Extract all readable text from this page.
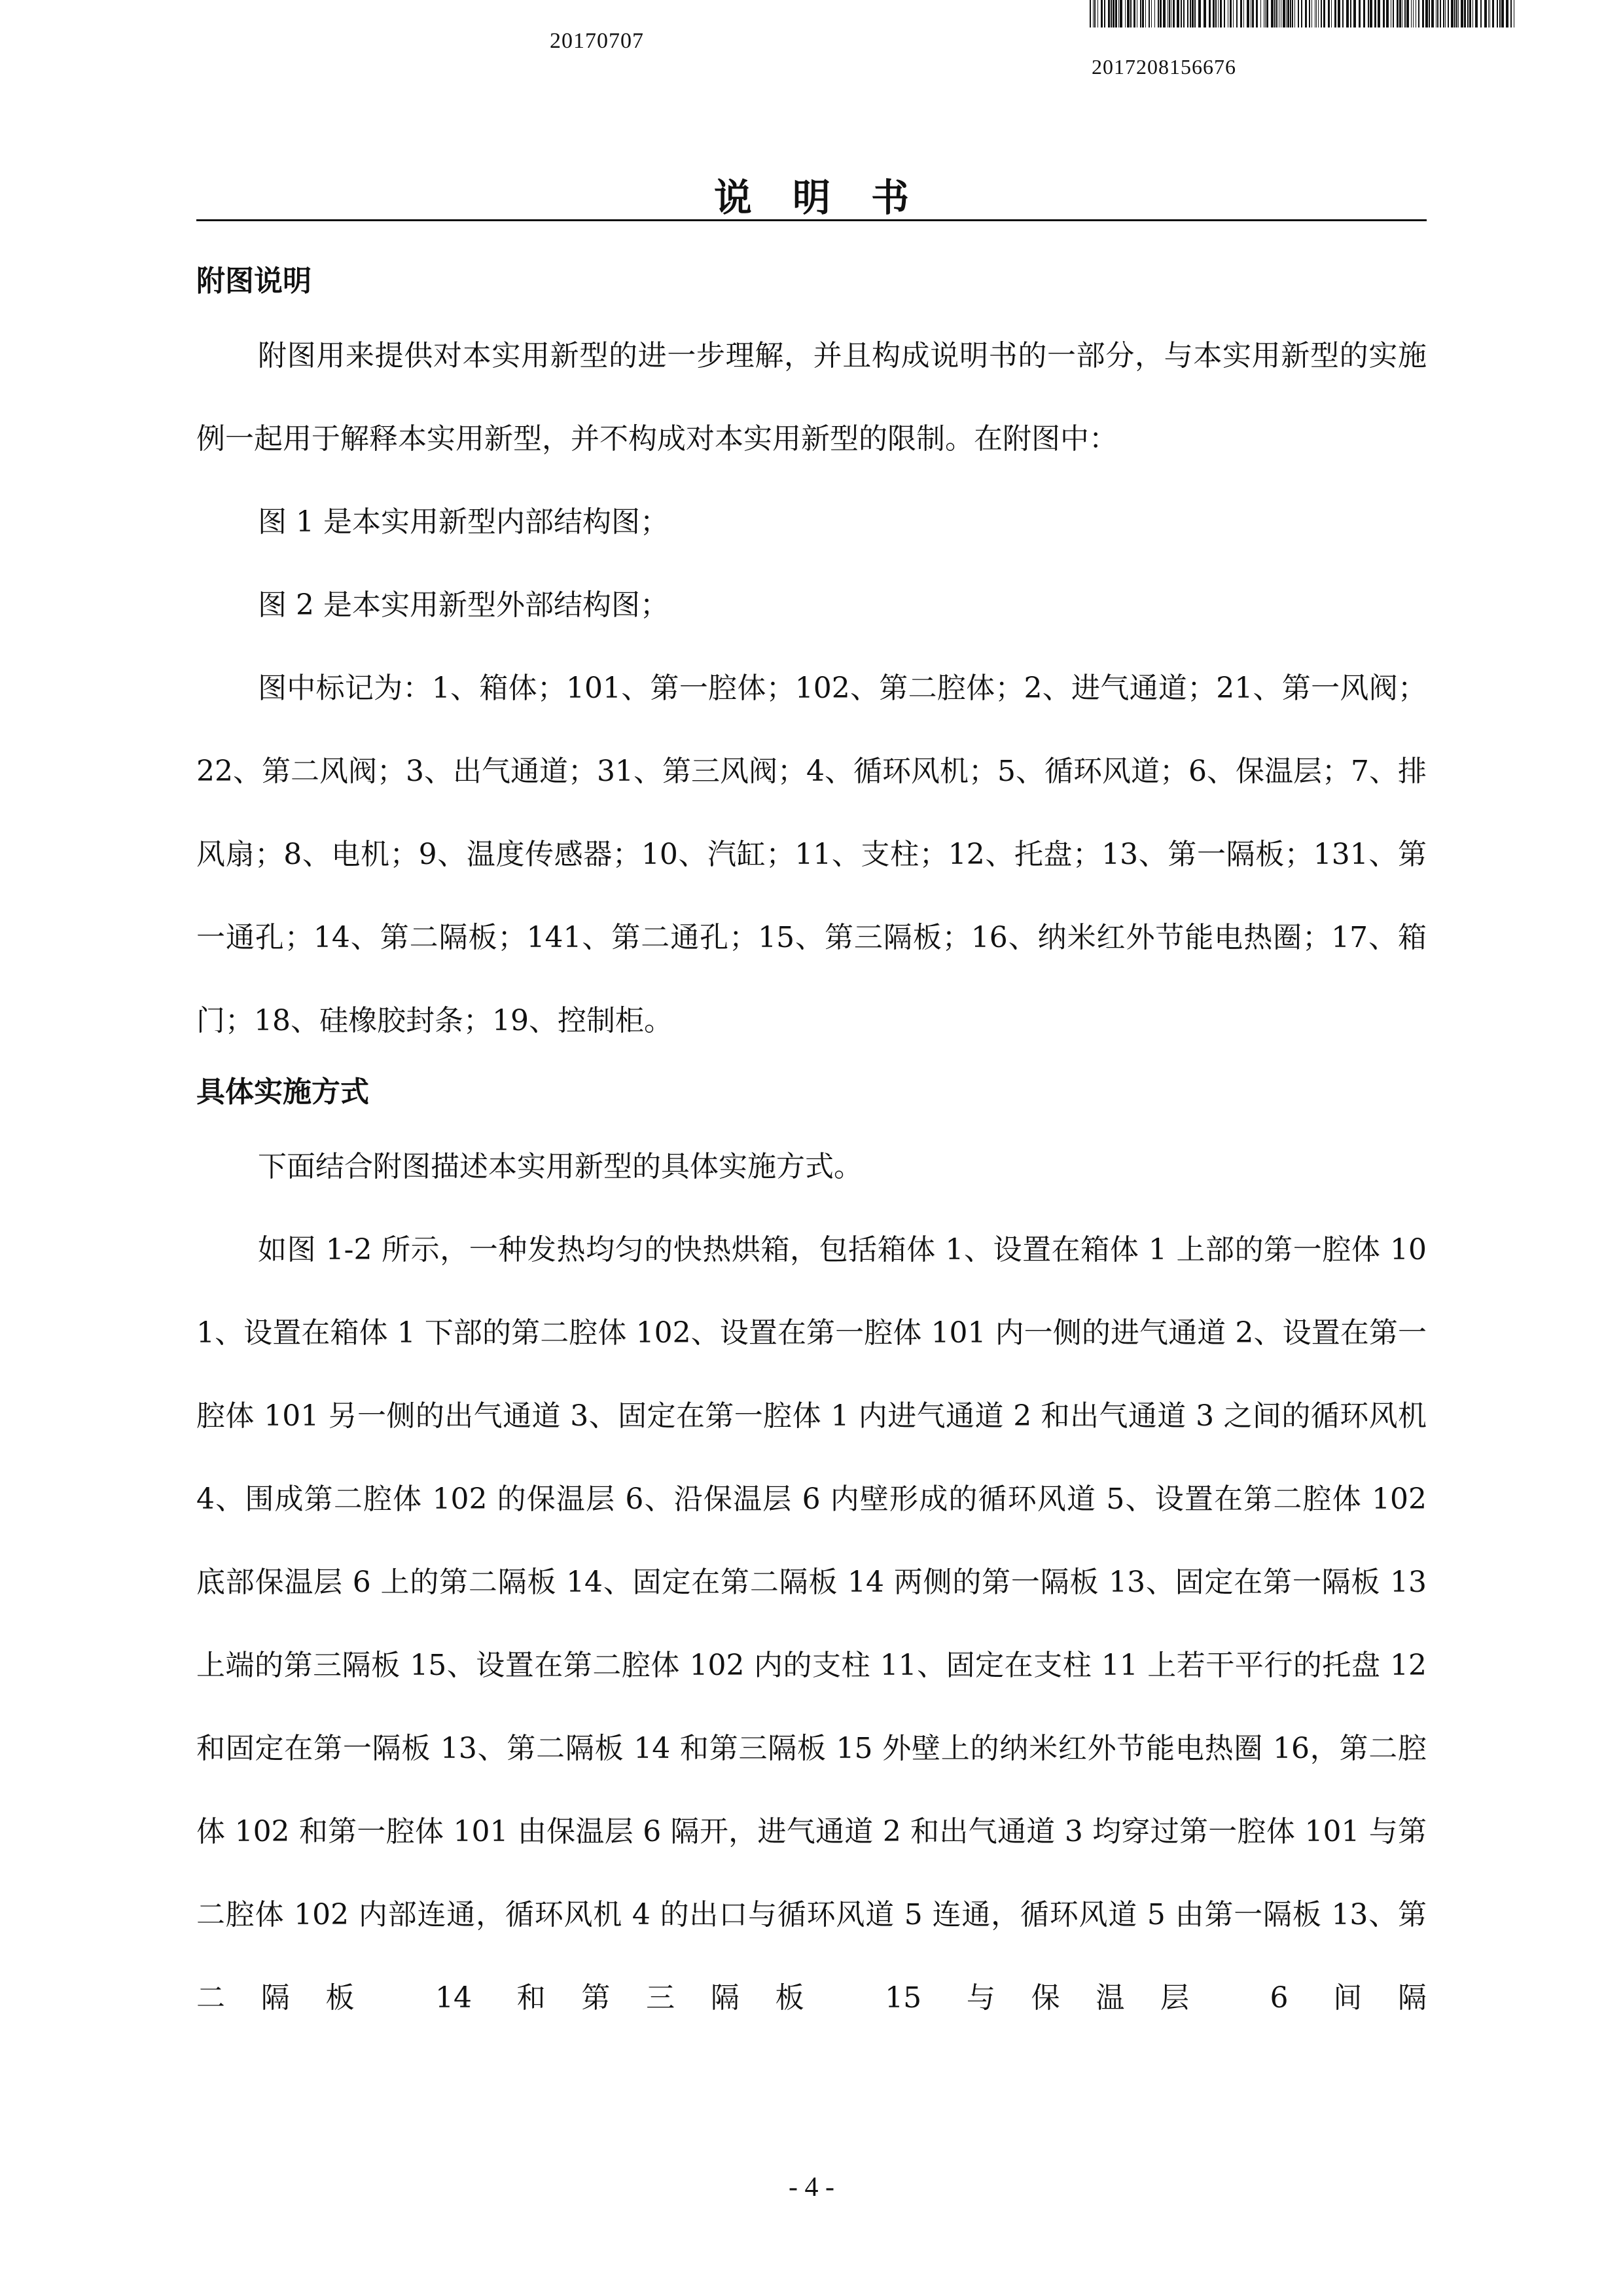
20170707
2017208156676
说明书

附图说明

附图用来提供对本实用新型的进一步理解，并且构成说明书的一部分，与本实用新型的实施例一起用于解释本实用新型，并不构成对本实用新型的限制。在附图中：

图 1 是本实用新型内部结构图；

图 2 是本实用新型外部结构图；

图中标记为：1、箱体；101、第一腔体；102、第二腔体；2、进气通道；21、第一风阀；22、第二风阀；3、出气通道；31、第三风阀；4、循环风机；5、循环风道；6、保温层；7、排风扇；8、电机；9、温度传感器；10、汽缸；11、支柱；12、托盘；13、第一隔板；131、第一通孔；14、第二隔板；141、第二通孔；15、第三隔板；16、纳米红外节能电热圈；17、箱门；18、硅橡胶封条；19、控制柜。

具体实施方式

下面结合附图描述本实用新型的具体实施方式。

如图 1-2 所示，一种发热均匀的快热烘箱，包括箱体 1、设置在箱体 1 上部的第一腔体 101、设置在箱体 1 下部的第二腔体 102、设置在第一腔体 101 内一侧的进气通道 2、设置在第一腔体 101 另一侧的出气通道 3、固定在第一腔体 1 内进气通道 2 和出气通道 3 之间的循环风机 4、围成第二腔体 102 的保温层 6、沿保温层 6 内壁形成的循环风道 5、设置在第二腔体 102 底部保温层 6 上的第二隔板 14、固定在第二隔板 14 两侧的第一隔板 13、固定在第一隔板 13 上端的第三隔板 15、设置在第二腔体 102 内的支柱 11、固定在支柱 11 上若干平行的托盘 12 和固定在第一隔板 13、第二隔板 14 和第三隔板 15 外壁上的纳米红外节能电热圈 16，第二腔体 102 和第一腔体 101 由保温层 6 隔开，进气通道 2 和出气通道 3 均穿过第一腔体 101 与第二腔体 102 内部连通，循环风机 4 的出口与循环风道 5 连通，循环风道 5 由第一隔板 13、第二隔板 14 和第三隔板 15 与保温层 6 间隔

- 4 -
